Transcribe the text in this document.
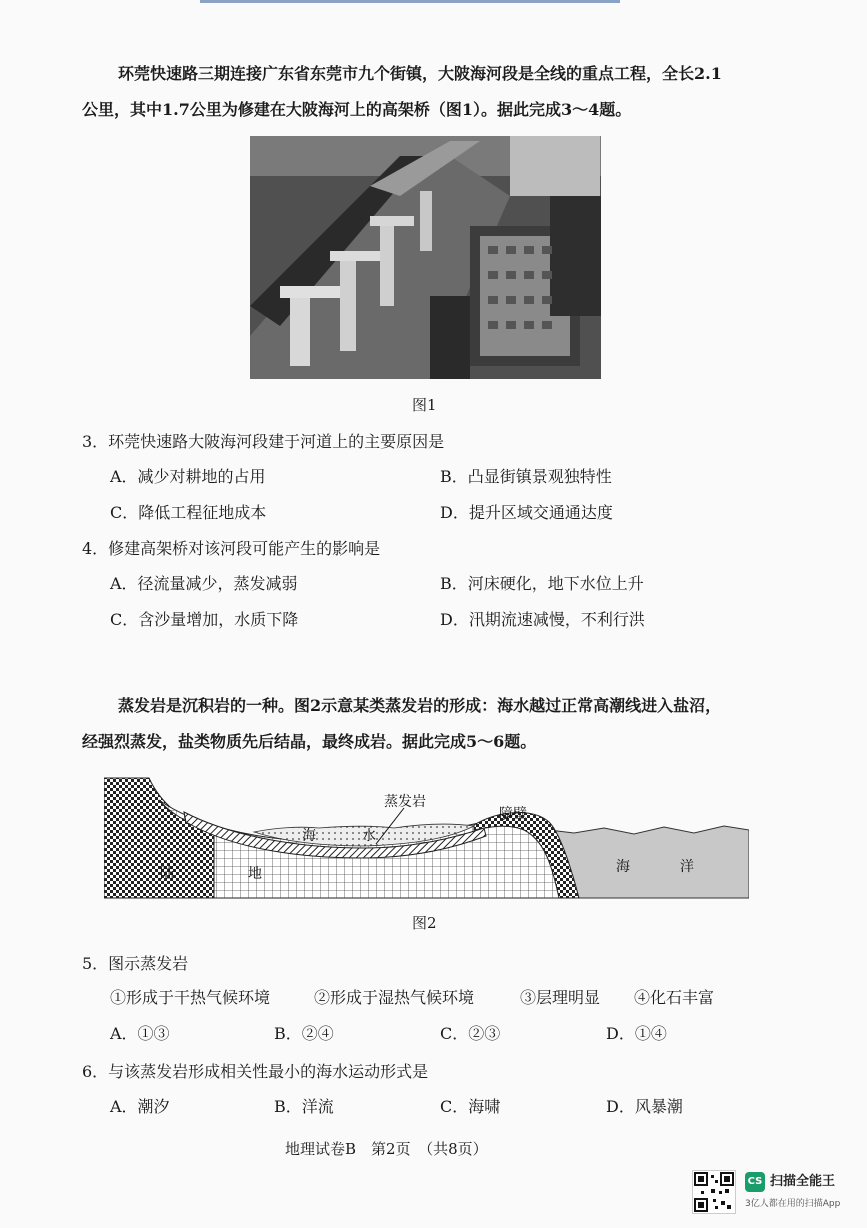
环莞快速路三期连接广东省东莞市九个街镇，大陂海河段是全线的重点工程，全长2.1
公里，其中1.7公里为修建在大陂海河上的高架桥（图1）。据此完成3～4题。
图1
3．环莞快速路大陂海河段建于河道上的主要原因是
A．减少对耕地的占用	B．凸显街镇景观独特性
C．降低工程征地成本	D．提升区域交通通达度
4．修建高架桥对该河段可能产生的影响是
A．径流量减少，蒸发减弱	B．河床硬化，地下水位上升
C．含沙量增加，水质下降	D．汛期流速减慢，不利行洪
蒸发岩是沉积岩的一种。图2示意某类蒸发岩的形成：海水越过正常高潮线进入盐沼，
经强烈蒸发，盐类物质先后结晶，最终成岩。据此完成5～6题。
蒸发岩
障壁
海	水
陆	地	海	洋
图2
5．图示蒸发岩
①形成于干热气候环境	②形成于湿热气候环境	③层理明显 ④化石丰富
A．①③	B．②④	C．②③	D．①④
6．与该蒸发岩形成相关性最小的海水运动形式是
A．潮汐	B．洋流	C．海啸	D．风暴潮
地理试卷B　第2页　（共8页）
CS 扫描全能王
3亿人都在用的扫描App
